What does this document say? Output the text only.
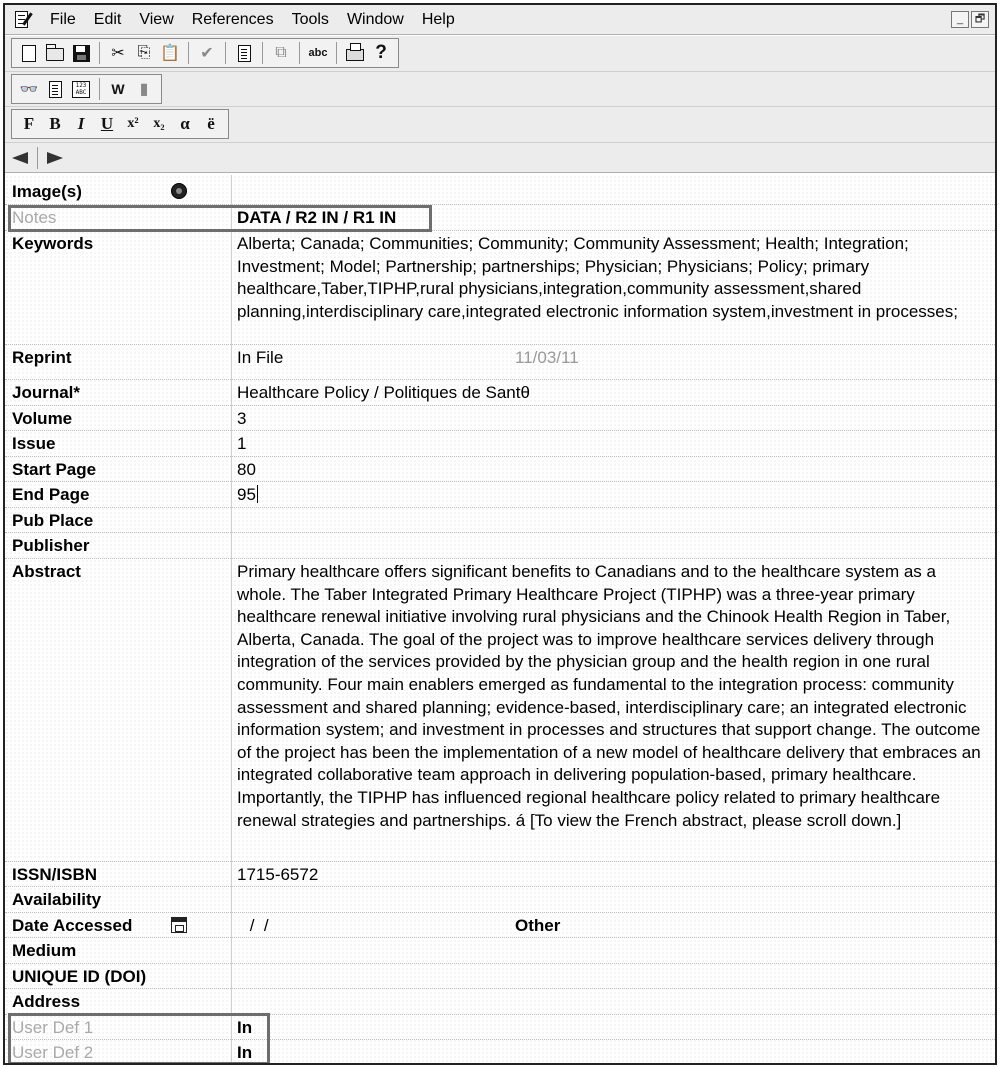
File	Edit	View	References	Tools	Window	Help	_	🗗
✂ ⎘ 📋	✔	⧉	abc	?
👓	123
ABC	W ▮
F B	I U	x²	x₂ α	ë
Image(s)
Notes	DATA / R2 IN / R1 IN
Keywords	Alberta; Canada; Communities; Community; Community Assessment; Health; Integration; Investment; Model; Partnership; partnerships; Physician; Physicians; Policy; primary healthcare,Taber,TIPHP,rural physicians,integration,community assessment,shared planning,interdisciplinary care,integrated electronic information system,investment in processes;
Reprint	In File	11/03/11
Journal*	Healthcare Policy / Politiques de Santθ
Volume	3
Issue	1
Start Page	80
End Page	95
Pub Place
Publisher
Abstract	Primary healthcare offers significant benefits to Canadians and to the healthcare system as a whole. The Taber Integrated Primary Healthcare Project (TIPHP) was a three-year primary healthcare renewal initiative involving rural physicians and the Chinook Health Region in Taber, Alberta, Canada. The goal of the project was to improve healthcare services delivery through integration of the services provided by the physician group and the health region in one rural community. Four main enablers emerged as fundamental to the integration process: community assessment and shared planning; evidence-based, interdisciplinary care; an integrated electronic information system; and investment in processes and structures that support change. The outcome of the project has been the implementation of a new model of healthcare delivery that embraces an integrated collaborative team approach in delivering population-based, primary healthcare. Importantly, the TIPHP has influenced regional healthcare policy related to primary healthcare renewal strategies and partnerships. á [To view the French abstract, please scroll down.]
ISSN/ISBN	1715-6572
Availability
Date Accessed	/  /	Other
Medium
UNIQUE ID (DOI)
Address
User Def 1	In
User Def 2	In
